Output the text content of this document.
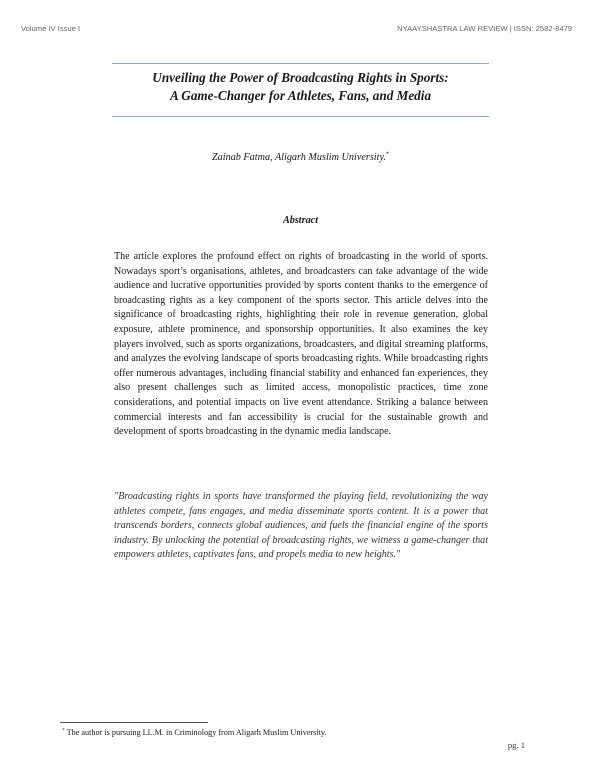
Volume IV Issue I	NYAAYSHASTRA LAW REVIEW | ISSN: 2582-8479
Unveiling the Power of Broadcasting Rights in Sports:
A Game-Changer for Athletes, Fans, and Media
Zainab Fatma, Aligarh Muslim University.*
Abstract
The article explores the profound effect on rights of broadcasting in the world of sports. Nowadays sport’s organisations, athletes, and broadcasters can take advantage of the wide audience and lucrative opportunities provided by sports content thanks to the emergence of broadcasting rights as a key component of the sports sector. This article delves into the significance of broadcasting rights, highlighting their role in revenue generation, global exposure, athlete prominence, and sponsorship opportunities. It also examines the key players involved, such as sports organizations, broadcasters, and digital streaming platforms, and analyzes the evolving landscape of sports broadcasting rights. While broadcasting rights offer numerous advantages, including financial stability and enhanced fan experiences, they also present challenges such as limited access, monopolistic practices, time zone considerations, and potential impacts on live event attendance. Striking a balance between commercial interests and fan accessibility is crucial for the sustainable growth and development of sports broadcasting in the dynamic media landscape.
"Broadcasting rights in sports have transformed the playing field, revolutionizing the way athletes compete, fans engages, and media disseminate sports content. It is a power that transcends borders, connects global audiences, and fuels the financial engine of the sports industry. By unlocking the potential of broadcasting rights, we witness a game-changer that empowers athletes, captivates fans, and propels media to new heights."
* The author is pursuing LL.M. in Criminology from Aligarh Muslim University.
pg. 1
